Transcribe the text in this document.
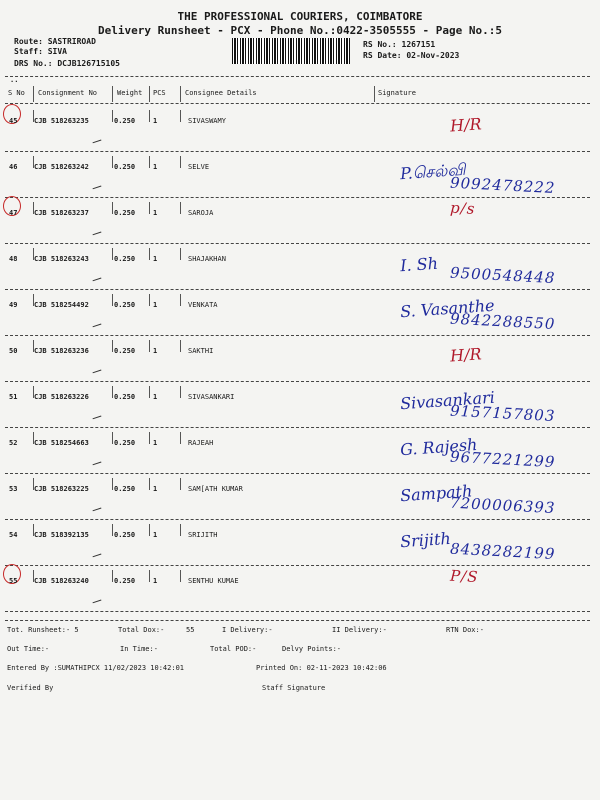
THE PROFESSIONAL COURIERS, COIMBATORE
Delivery Runsheet - PCX - Phone No.:0422-3505555 - Page No.:5
Route: SASTRIROAD
Staff: SIVA
DRS No.: DCJB126715105
RS No.: 1267151
RS Date: 02-Nov-2023
..
S No Consignment No	Weight PCS	Consignee Details	Signature
45 CJB 518263235	0.250	1	SIVASWAMY	H/R
46 CJB 518263242	0.250	1	SELVE	P.செல்வி
9092478222
47 CJB 518263237	0.250	1	SAROJA	p/s
48 CJB 518263243	0.250	1	SHAJAKHAN	I. Sh 9500548448
49 CJB 518254492	0.250	1	VENKATA	S. Vasanthe
9842288550
50 CJB 518263236	0.250	1	SAKTHI	H/R
51 CJB 518263226	0.250	1	SIVASANKARI	Sivasankari
9157157803
52 CJB 518254663	0.250	1	RAJEAH	G. Rajesh
9677221299
53 CJB 518263225	0.250	1	SAM[ATH KUMAR	Sampath
7200006393
54 CJB 518392135	0.250	1	SRIJITH	Srijith
8438282199
55 CJB 518263240	0.250	1	SENTHU KUMAE	P/S
Tot. Runsheet:- 5	Total Dox:-	55	I Delivery:-	II Delivery:-	RTN Dox:-
Out Time:-	In Time:-	Total POD:-	Delvy Points:-
Entered By :SUMATHIPCX 11/02/2023 10:42:01	Printed On: 02-11-2023 10:42:06
Verified By	Staff Signature
